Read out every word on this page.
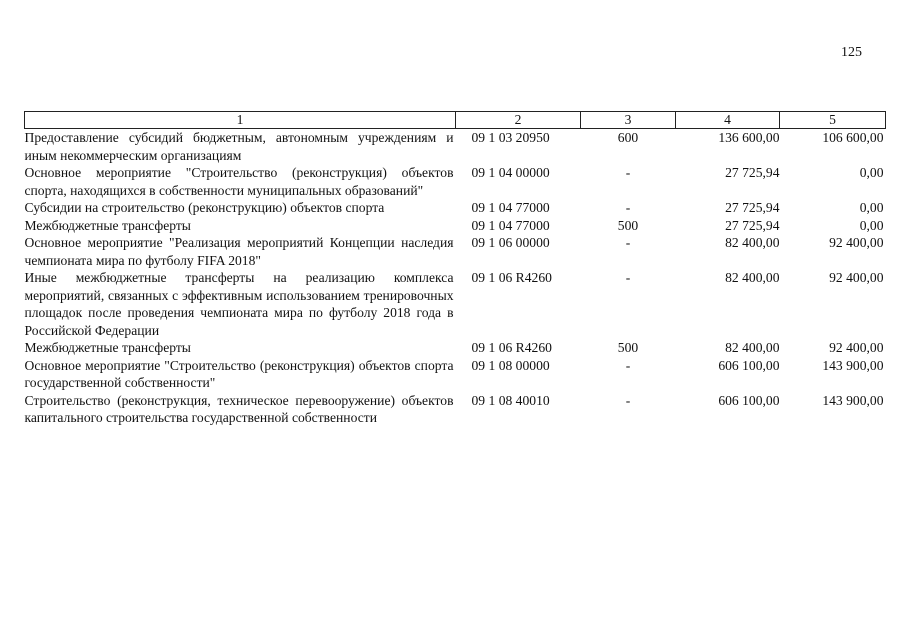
125
1	2	3	4	5
Предоставление субсидий бюджетным, автономным учреждениям и иным некоммерческим организациям	09 1 03 20950	600	136 600,00	106 600,00
Основное мероприятие "Строительство (реконструкция) объектов спорта, находящихся в собственности муниципальных образований"	09 1 04 00000	-	27 725,94	0,00
Субсидии на строительство (реконструкцию) объектов спорта	09 1 04 77000	-	27 725,94	0,00
Межбюджетные трансферты	09 1 04 77000	500	27 725,94	0,00
Основное мероприятие "Реализация мероприятий Концепции наследия чемпионата мира по футболу FIFA 2018"	09 1 06 00000	-	82 400,00	92 400,00
Иные межбюджетные трансферты на реализацию комплекса мероприятий, связанных с эффективным использованием тренировочных площадок после проведения чемпионата мира по футболу 2018 года в Российской Федерации	09 1 06 R4260	-	82 400,00	92 400,00
Межбюджетные трансферты	09 1 06 R4260	500	82 400,00	92 400,00
Основное мероприятие "Строительство (реконструкция) объектов спорта государственной собственности"	09 1 08 00000	-	606 100,00	143 900,00
Строительство (реконструкция, техническое перевооружение) объектов капитального строительства государственной собственности	09 1 08 40010	-	606 100,00	143 900,00
